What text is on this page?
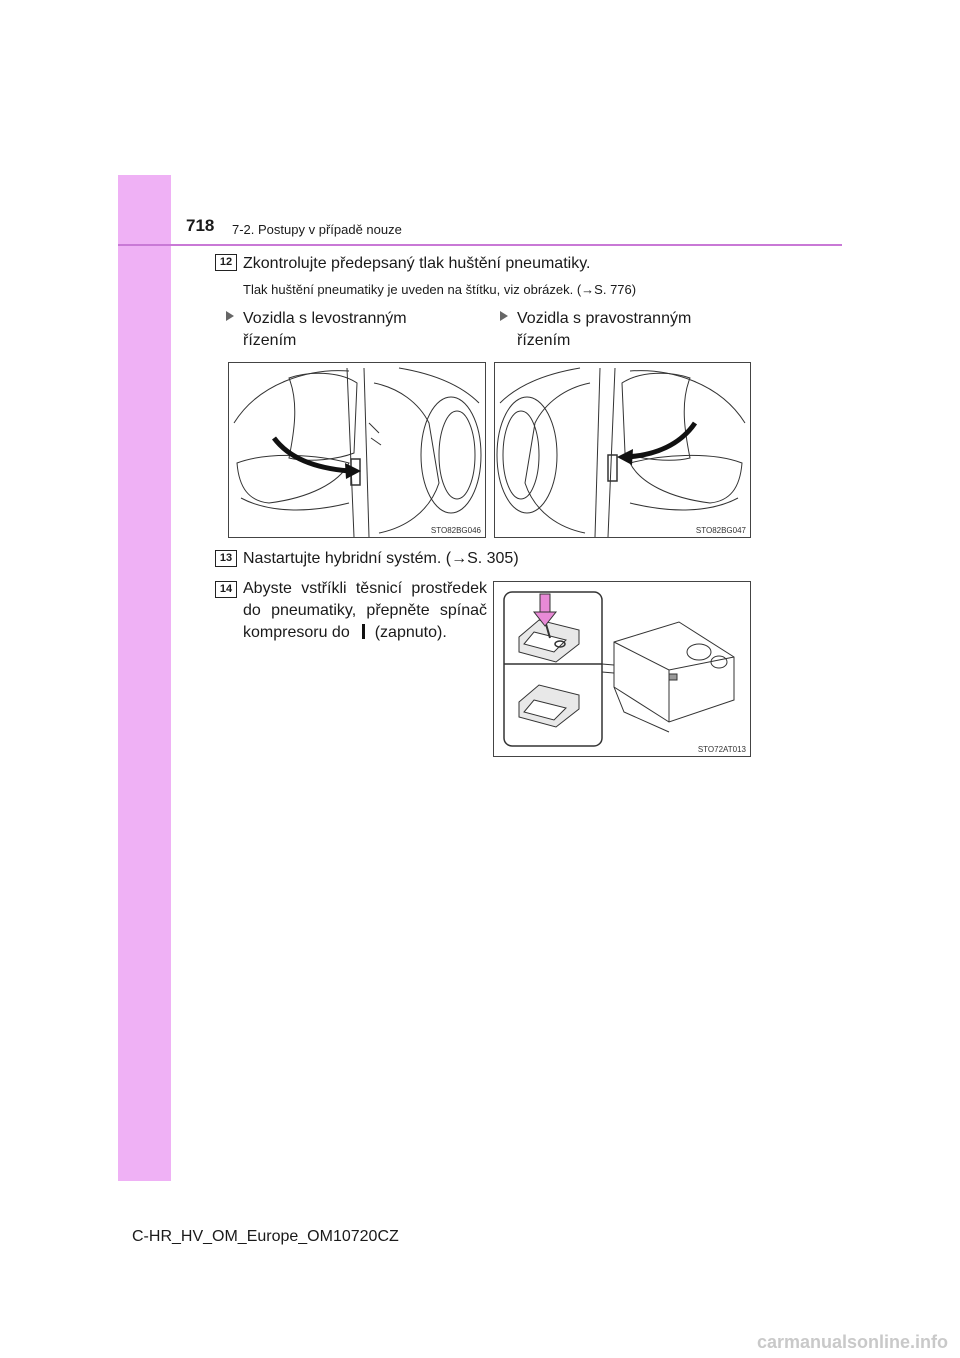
718 7-2. Postupy v případě nouze
12 Zkontrolujte předepsaný tlak huštění pneumatiky.
Tlak huštění pneumatiky je uveden na štítku, viz obrázek. (→S. 776)
Vozidla s levostranným
řízením
Vozidla s pravostranným
řízením
STO82BG046	STO82BG047
13 Nastartujte hybridní systém. (→S. 305)
14 Abyste vstříkli těsnicí prostředek do pneumatiky, přepněte spínač kompresoru do (zapnuto).
STO72AT013
C-HR_HV_OM_Europe_OM10720CZ
carmanualsonline.info
